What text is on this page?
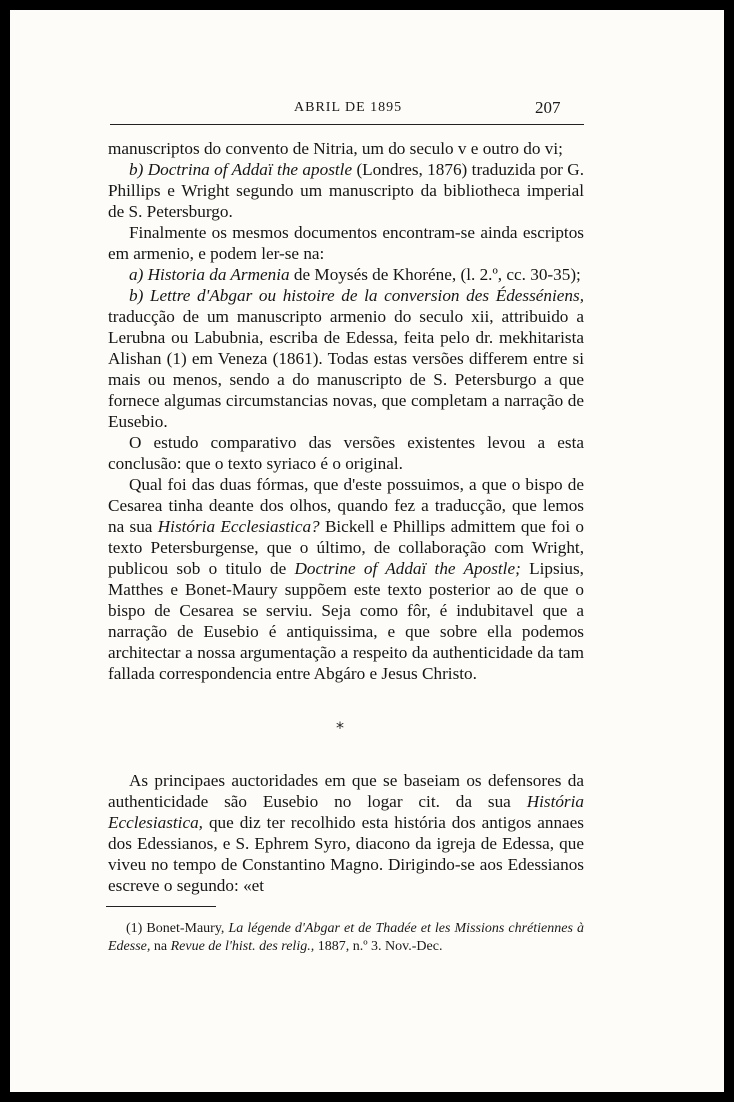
ABRIL DE 1895	207

manuscriptos do convento de Nitria, um do seculo v e outro do vi;

b) Doctrina of Addaï the apostle (Londres, 1876) traduzida por G. Phillips e Wright segundo um manuscripto da bibliotheca imperial de S. Petersburgo.

Finalmente os mesmos documentos encontram-se ainda escriptos em armenio, e podem ler-se na:

a) Historia da Armenia de Moysés de Khoréne, (l. 2.º, cc. 30-35);

b) Lettre d'Abgar ou histoire de la conversion des Édesséniens, traducção de um manuscripto armenio do seculo xii, attribuido a Lerubna ou Labubnia, escriba de Edessa, feita pelo dr. mekhitarista Alishan (1) em Veneza (1861). Todas estas versões differem entre si mais ou menos, sendo a do manuscripto de S. Petersburgo a que fornece algumas circumstancias novas, que completam a narração de Eusebio.

O estudo comparativo das versões existentes levou a esta conclusão: que o texto syriaco é o original.

Qual foi das duas fórmas, que d'este possuimos, a que o bispo de Cesarea tinha deante dos olhos, quando fez a traducção, que lemos na sua História Ecclesiastica? Bickell e Phillips admittem que foi o texto Petersburgense, que o último, de collaboração com Wright, publicou sob o titulo de Doctrine of Addaï the Apostle; Lipsius, Matthes e Bonet-Maury suppõem este texto posterior ao de que o bispo de Cesarea se serviu. Seja como fôr, é indubitavel que a narração de Eusebio é antiquissima, e que sobre ella podemos architectar a nossa argumentação a respeito da authenticidade da tam fallada correspondencia entre Abgáro e Jesus Christo.

*

As principaes auctoridades em que se baseiam os defensores da authenticidade são Eusebio no logar cit. da sua História Ecclesiastica, que diz ter recolhido esta história dos antigos annaes dos Edessianos, e S. Ephrem Syro, diacono da igreja de Edessa, que viveu no tempo de Constantino Magno. Dirigindo-se aos Edessianos escreve o segundo: «et

(1) Bonet-Maury, La légende d'Abgar et de Thadée et les Missions chrétiennes à Edesse, na Revue de l'hist. des relig., 1887, n.º 3. Nov.-Dec.
